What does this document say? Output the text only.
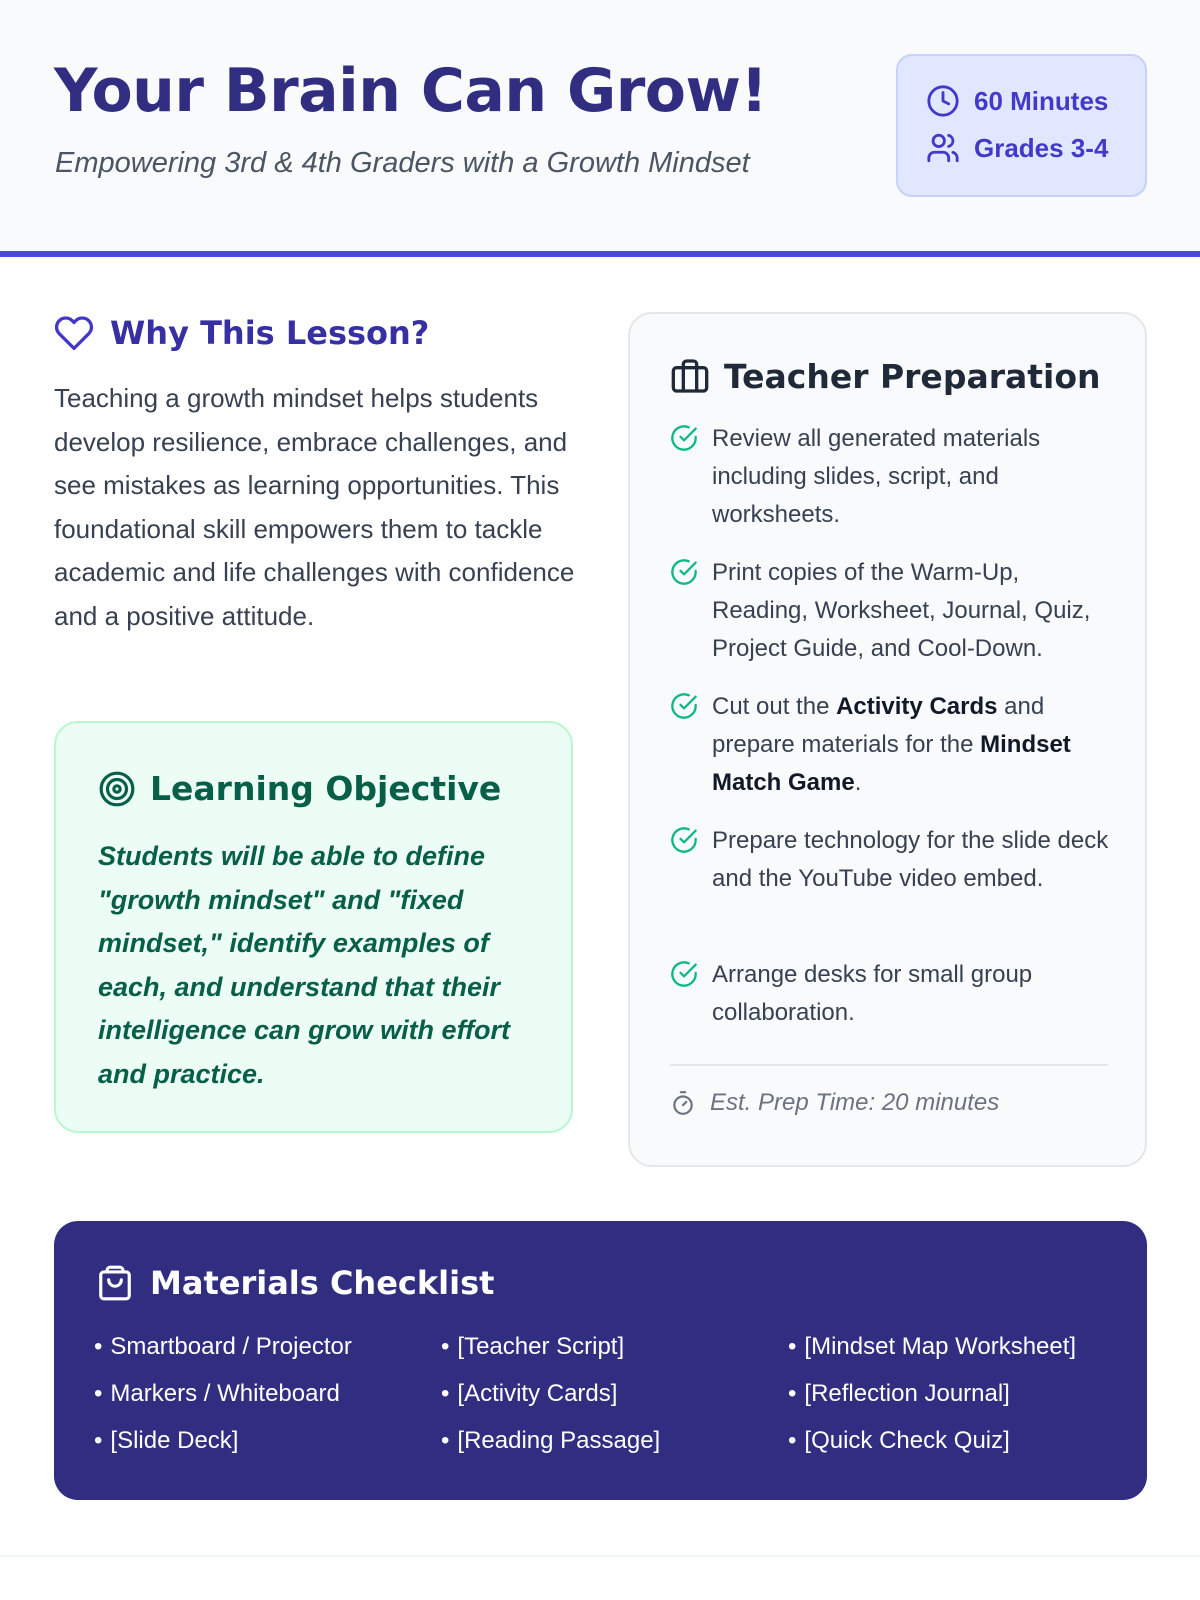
Your Brain Can Grow!
Empowering 3rd & 4th Graders with a Growth Mindset
60 Minutes
Grades 3-4
Why This Lesson?

Teaching a growth mindset helps students develop resilience, embrace challenges, and see mistakes as learning opportunities. This foundational skill empowers them to tackle academic and life challenges with confidence and a positive attitude.

Learning Objective

Students will be able to define "growth mindset" and "fixed mindset," identify examples of each, and understand that their intelligence can grow with effort and practice.

Teacher Preparation
Est. Prep Time: 20 minutes
Review all generated materials including slides, script, and worksheets.
Print copies of the Warm-Up, Reading, Worksheet, Journal, Quiz, Project Guide, and Cool-Down.
Cut out the Activity Cards and prepare materials for the Mindset Match Game.
Prepare technology for the slide deck and the YouTube video embed.
Arrange desks for small group collaboration.
Materials Checklist
• Smartboard / Projector
• Markers / Whiteboard
• [Slide Deck]
• [Teacher Script]
• [Activity Cards]
• [Reading Passage]
• [Mindset Map Worksheet]
• [Reflection Journal]
• [Quick Check Quiz]
